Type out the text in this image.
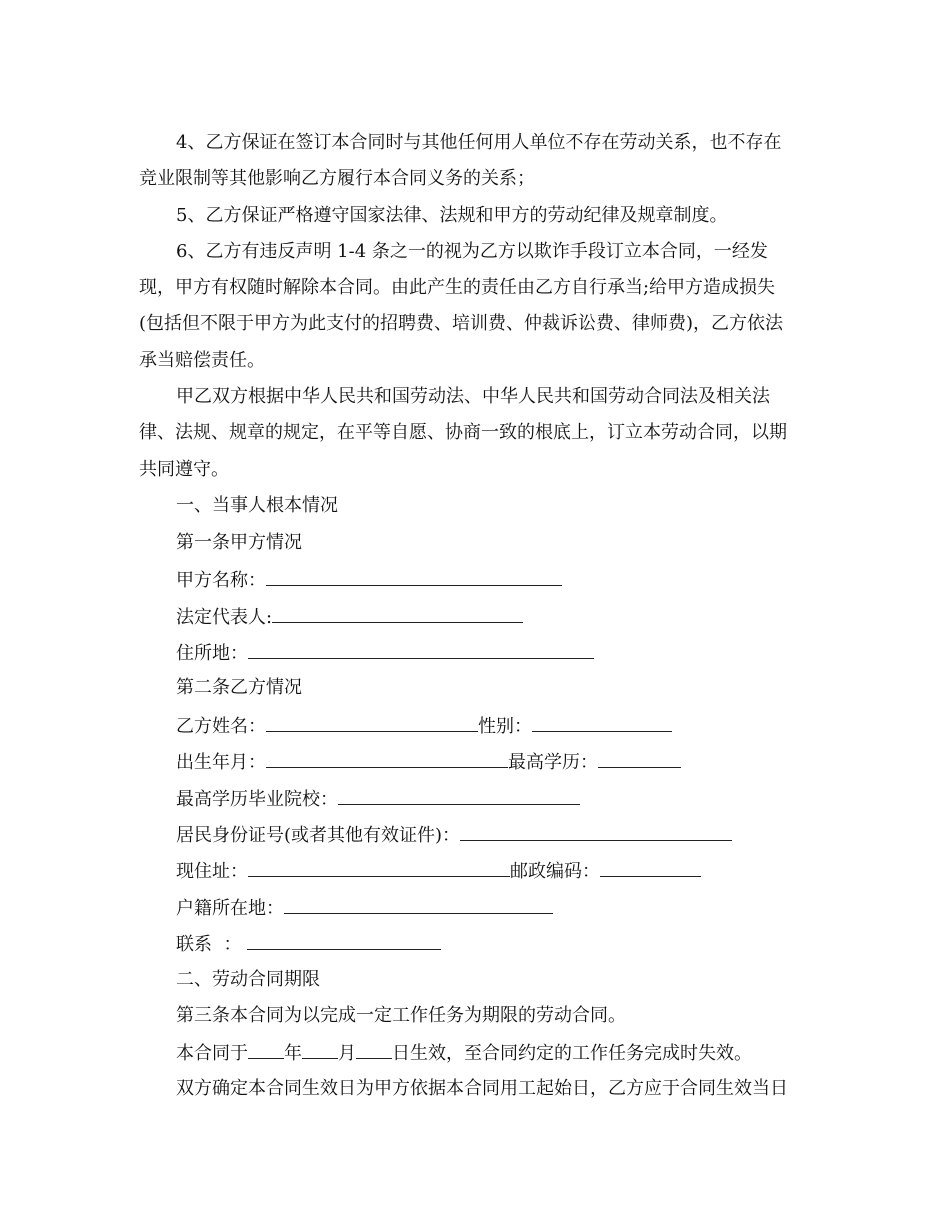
4、乙方保证在签订本合同时与其他任何用人单位不存在劳动关系，也不存在
竞业限制等其他影响乙方履行本合同义务的关系；
5、乙方保证严格遵守国家法律、法规和甲方的劳动纪律及规章制度。
6、乙方有违反声明 1-4 条之一的视为乙方以欺诈手段订立本合同，一经发
现，甲方有权随时解除本合同。由此产生的责任由乙方自行承当;给甲方造成损失
(包括但不限于甲方为此支付的招聘费、培训费、仲裁诉讼费、律师费)，乙方依法
承当赔偿责任。
甲乙双方根据中华人民共和国劳动法、中华人民共和国劳动合同法及相关法
律、法规、规章的规定，在平等自愿、协商一致的根底上，订立本劳动合同，以期
共同遵守。
一、当事人根本情况
第一条甲方情况
甲方名称：
法定代表人:
住所地：
第二条乙方情况
乙方姓名：	性别：
出生年月：	最高学历：
最高学历毕业院校：
居民身份证号(或者其他有效证件)：
现住址：	邮政编码：
户籍所在地：
联系  ：
二、劳动合同期限
第三条本合同为以完成一定工作任务为期限的劳动合同。
本合同于 年 月 日生效，至合同约定的工作任务完成时失效。
双方确定本合同生效日为甲方依据本合同用工起始日，乙方应于合同生效当日
